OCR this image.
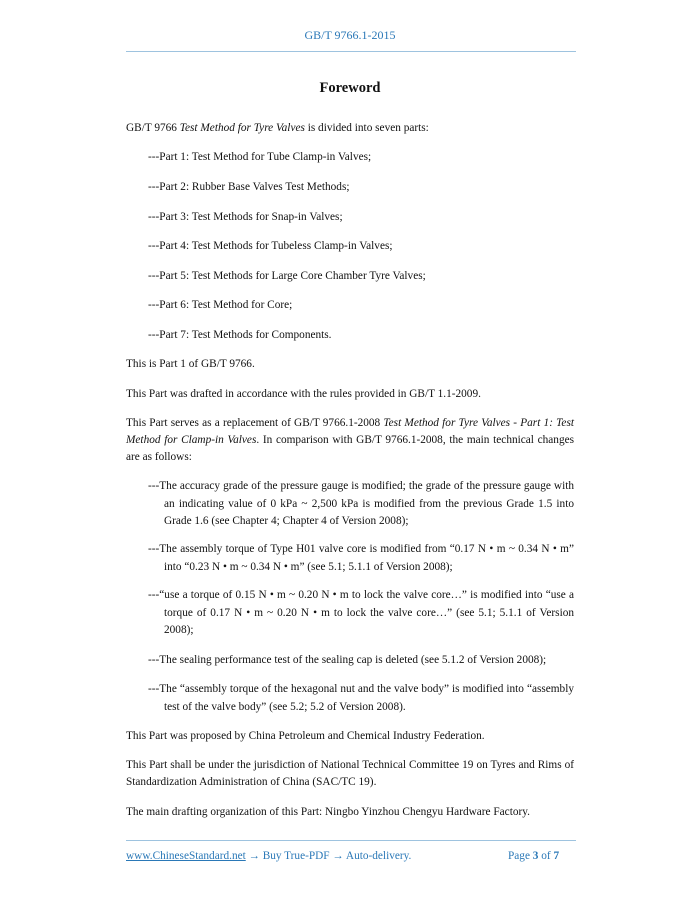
GB/T 9766.1-2015
Foreword

GB/T 9766 Test Method for Tyre Valves is divided into seven parts:

---Part 1: Test Method for Tube Clamp-in Valves;

---Part 2: Rubber Base Valves Test Methods;

---Part 3: Test Methods for Snap-in Valves;

---Part 4: Test Methods for Tubeless Clamp-in Valves;

---Part 5: Test Methods for Large Core Chamber Tyre Valves;

---Part 6: Test Method for Core;

---Part 7: Test Methods for Components.

This is Part 1 of GB/T 9766.

This Part was drafted in accordance with the rules provided in GB/T 1.1-2009.

This Part serves as a replacement of GB/T 9766.1-2008 Test Method for Tyre Valves - Part 1: Test Method for Clamp-in Valves. In comparison with GB/T 9766.1-2008, the main technical changes are as follows:

---The accuracy grade of the pressure gauge is modified; the grade of the pressure gauge with an indicating value of 0 kPa ~ 2,500 kPa is modified from the previous Grade 1.5 into Grade 1.6 (see Chapter 4; Chapter 4 of Version 2008);

---The assembly torque of Type H01 valve core is modified from “0.17 N • m ~ 0.34 N • m” into “0.23 N • m ~ 0.34 N • m” (see 5.1; 5.1.1 of Version 2008);

---“use a torque of 0.15 N • m ~ 0.20 N • m to lock the valve core…” is modified into “use a torque of 0.17 N • m ~ 0.20 N • m to lock the valve core…” (see 5.1; 5.1.1 of Version 2008);

---The sealing performance test of the sealing cap is deleted (see 5.1.2 of Version 2008);

---The “assembly torque of the hexagonal nut and the valve body” is modified into “assembly test of the valve body” (see 5.2; 5.2 of Version 2008).

This Part was proposed by China Petroleum and Chemical Industry Federation.

This Part shall be under the jurisdiction of National Technical Committee 19 on Tyres and Rims of Standardization Administration of China (SAC/TC 19).

The main drafting organization of this Part: Ningbo Yinzhou Chengyu Hardware Factory.

www.ChineseStandard.net → Buy True-PDF → Auto-delivery.	Page 3 of 7
